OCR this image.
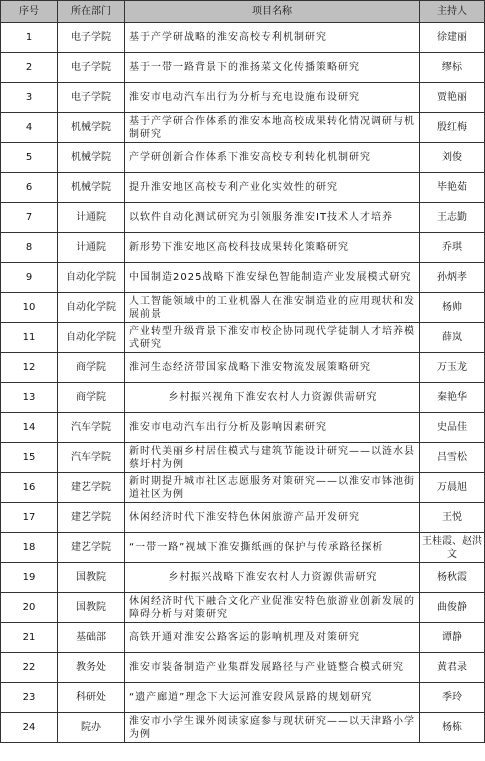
序号	所在部门	项目名称	主持人
1	电子学院	基于产学研战略的淮安高校专利机制研究	徐建丽
2	电子学院	基于一带一路背景下的淮扬菜文化传播策略研究	缪标
3	电子学院	淮安市电动汽车出行为分析与充电设施布设研究	贾艳丽
4	机械学院	基于产学研合作体系的淮安本地高校成果转化情况调研与机制研究	殷红梅
5	机械学院	产学研创新合作体系下淮安高校专利转化机制研究	刘俊
6	机械学院	提升淮安地区高校专利产业化实效性的研究	毕艳茹
7	计通院	以软件自动化测试研究为引领服务淮安IT技术人才培养	王志勤
8	计通院	新形势下淮安地区高校科技成果转化策略研究	乔琪
9	自动化学院	中国制造2025战略下淮安绿色智能制造产业发展模式研究	孙炳孝
10	自动化学院	人工智能领域中的工业机器人在淮安制造业的应用现状和发展前景	杨帅
11	自动化学院	产业转型升级背景下淮安市校企协同现代学徒制人才培养模式研究	薛岚
12	商学院	淮河生态经济带国家战略下淮安物流发展策略研究	万玉龙
13	商学院	乡村振兴视角下淮安农村人力资源供需研究	秦艳华
14	汽车学院	淮安市电动汽车出行分析及影响因素研究	史品佳
15	汽车学院	新时代美丽乡村居住模式与建筑节能设计研究——以涟水县蔡圩村为例	吕雪松
16	建艺学院	新时期提升城市社区志愿服务对策研究——以淮安市钵池街道社区为例	万晨旭
17	建艺学院	休闲经济时代下淮安特色休闲旅游产品开发研究	王悦
18	建艺学院	“一带一路”视域下淮安撕纸画的保护与传承路径探析	王桂霞、赵洪文
19	国教院	乡村振兴战略下淮安农村人力资源供需研究	杨秋霞
20	国教院	休闲经济时代下融合文化产业促淮安特色旅游业创新发展的障碍分析与对策研究	曲俊静
21	基础部	高铁开通对淮安公路客运的影响机理及对策研究	谭静
22	教务处	淮安市装备制造产业集群发展路径与产业链整合模式研究	黄君录
23	科研处	“遗产廊道”理念下大运河淮安段风景路的规划研究	季玲
24	院办	淮安市小学生课外阅读家庭参与现状研究——以天津路小学为例	杨栋
